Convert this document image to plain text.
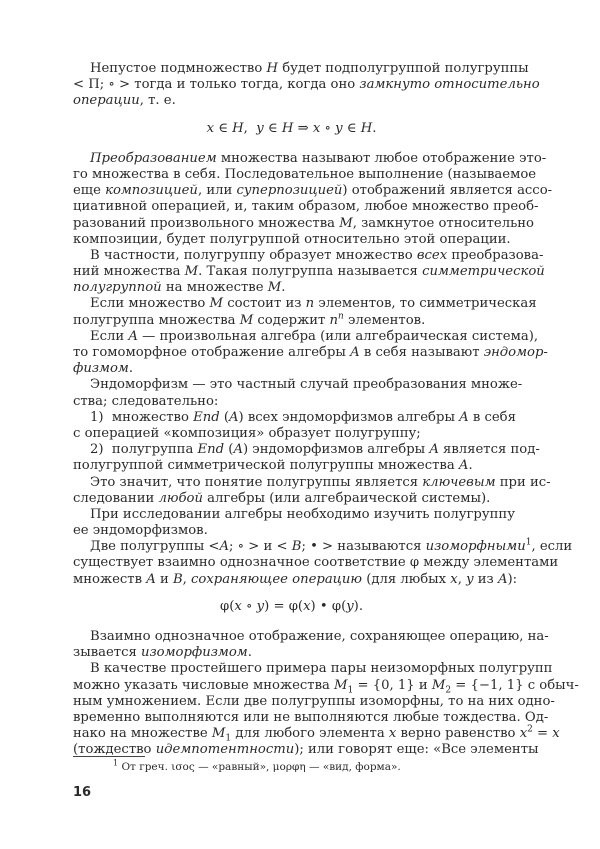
Непустое подмножество H будет подполугруппой полугруппы
< П; ∘ > тогда и только тогда, когда оно замкнуто относительно
операции, т. е.
x ∈ H,  y ∈ H ⇒ x ∘ y ∈ H.
Преобразованием множества называют любое отображение это-
го множества в себя. Последовательное выполнение (называемое
еще композицией, или суперпозицией) отображений является ассо-
циативной операцией, и, таким образом, любое множество преоб-
разований произвольного множества M, замкнутое относительно
композиции, будет полугруппой относительно этой операции.
В частности, полугруппу образует множество всех преобразова-
ний множества M. Такая полугруппа называется симметрической
полугруппой на множестве M.
Если множество M состоит из n элементов, то симметрическая
полугруппа множества M содержит $n^n$ элементов.
Если A — произвольная алгебра (или алгебраическая система),
то гомоморфное отображение алгебры A в себя называют эндомор-
физмом.
Эндоморфизм — это частный случай преобразования множе-
ства; следовательно:
1)  множество End (A) всех эндоморфизмов алгебры A в себя
с операцией «композиция» образует полугруппу;
2)  полугруппа End (A) эндоморфизмов алгебры A является под-
полугруппой симметрической полугруппы множества A.
Это значит, что понятие полугруппы является ключевым при ис-
следовании любой алгебры (или алгебраической системы).
При исследовании алгебры необходимо изучить полугруппу
ее эндоморфизмов.
Две полугруппы <A; ∘ > и < B; • > называются изоморфными$^1$, если
существует взаимно однозначное соответствие φ между элементами
множеств A и B, сохраняющее операцию (для любых x, y из A):
φ(x ∘ y) = φ(x) • φ(y).
Взаимно однозначное отображение, сохраняющее операцию, на-
зывается изоморфизмом.
В качестве простейшего примера пары неизоморфных полугрупп
можно указать числовые множества $M_1 = \{0$, 1} и $M_2 = \{-1$, 1} с обыч-
ным умножением. Если две полугруппы изоморфны, то на них одно-
временно выполняются или не выполняются любые тождества. Од-
нако на множестве $M_1$ для любого элемента x верно равенство $x^2 = x$
(тождество идемпотентности); или говорят еще: «Все элементы
$^1$ От греч. ισος — «равный», μορφη — «вид, форма».
16
